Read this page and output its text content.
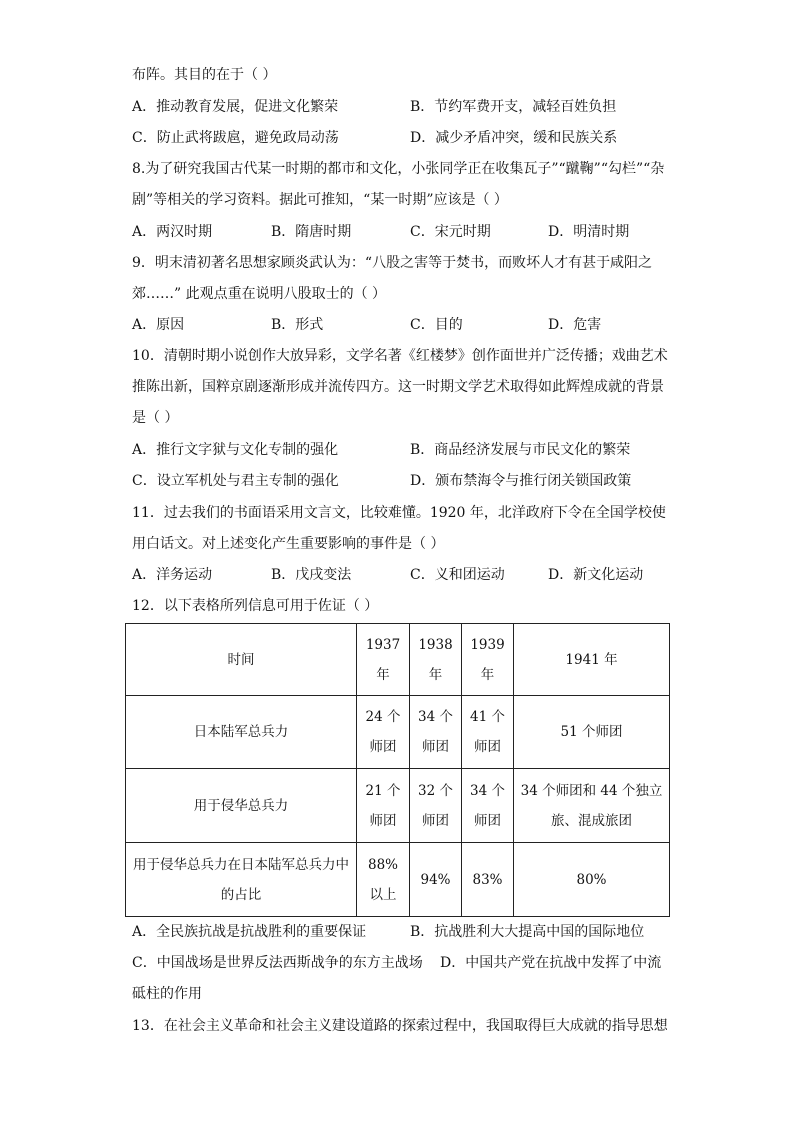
布阵。其目的在于（ ）
A．推动教育发展，促进文化繁荣	B．节约军费开支，减轻百姓负担
C．防止武将跋扈，避免政局动荡	D．减少矛盾冲突，缓和民族关系
8.为了研究我国古代某一时期的都市和文化，小张同学正在收集瓦子”“蹴鞠”“勾栏”“杂
剧”等相关的学习资料。据此可推知，“某一时期”应该是（ ）
A．两汉时期	B．隋唐时期	C．宋元时期	D．明清时期
9．明末清初著名思想家顾炎武认为：“八股之害等于焚书，而败坏人才有甚于咸阳之
郊……” 此观点重在说明八股取士的（ ）
A．原因	B．形式	C．目的	D．危害
10．清朝时期小说创作大放异彩，文学名著《红楼梦》创作面世并广泛传播；戏曲艺术
推陈出新，国粹京剧逐渐形成并流传四方。这一时期文学艺术取得如此辉煌成就的背景
是（ ）
A．推行文字狱与文化专制的强化	B．商品经济发展与市民文化的繁荣
C．设立军机处与君主专制的强化	D．颁布禁海令与推行闭关锁国政策
11．过去我们的书面语采用文言文，比较难懂。1920 年，北洋政府下令在全国学校使
用白话文。对上述变化产生重要影响的事件是（ ）
A．洋务运动	B．戊戌变法	C．义和团运动	D．新文化运动
12．以下表格所列信息可用于佐证（ ）
时间	1937 年	1938 年	1939 年	1941 年
日本陆军总兵力	24 个师团	34 个师团	41 个师团	51 个师团
用于侵华总兵力	21 个师团	32 个师团	34 个师团	34 个师团和 44 个独立旅、混成旅团
用于侵华总兵力在日本陆军总兵力中的占比	88%以上	94%	83%	80%
A．全民族抗战是抗战胜利的重要保证	B．抗战胜利大大提高中国的国际地位
C．中国战场是世界反法西斯战争的东方主战场 D．中国共产党在抗战中发挥了中流
砥柱的作用
13．在社会主义革命和社会主义建设道路的探索过程中，我国取得巨大成就的指导思想
